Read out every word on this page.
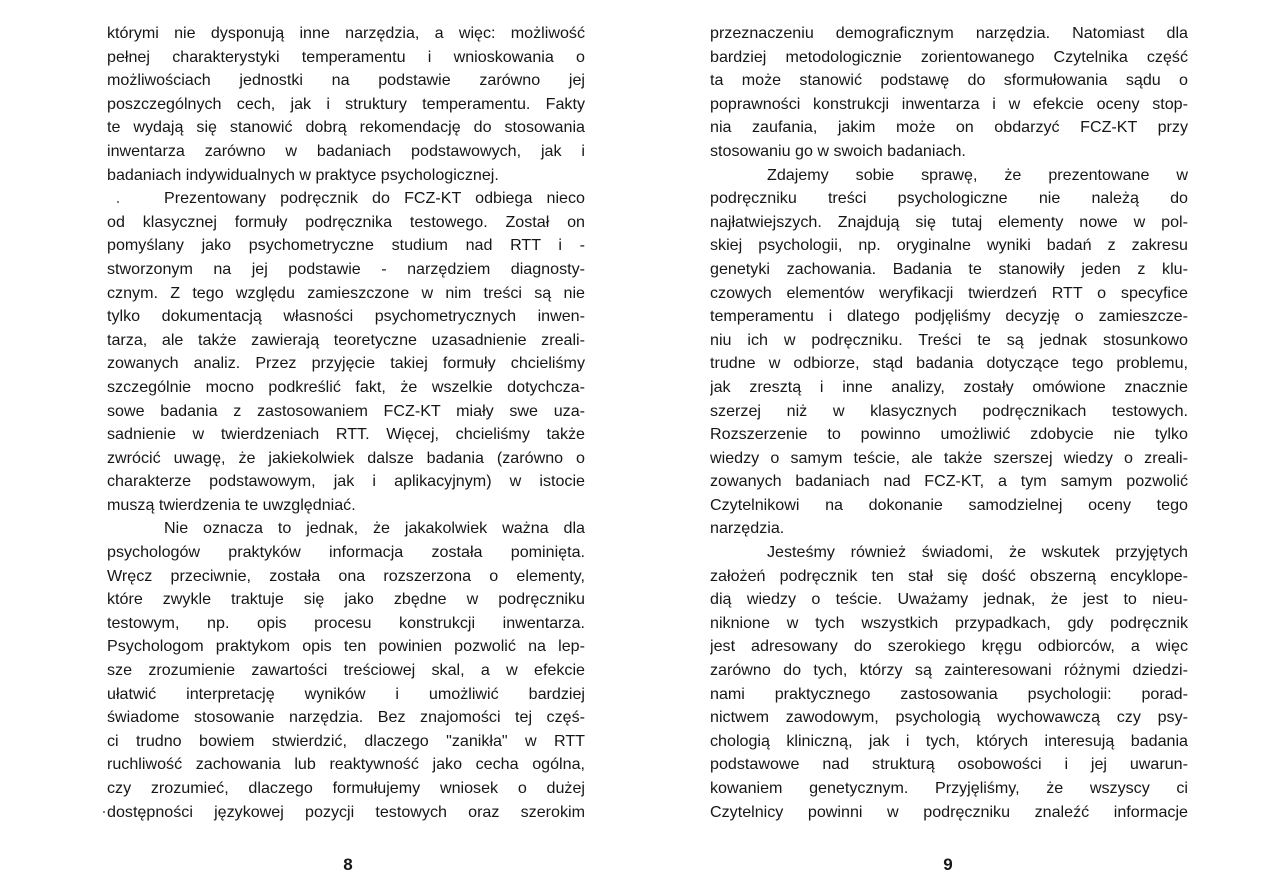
którymi nie dysponują inne narzędzia, a więc: możliwość
pełnej charakterystyki temperamentu i wnioskowania o
możliwościach jednostki na podstawie zarówno jej
poszczególnych cech, jak i struktury temperamentu. Fakty
te wydają się stanowić dobrą rekomendację do stosowania
inwentarza zarówno w badaniach podstawowych, jak i
badaniach indywidualnych w praktyce psychologicznej.
Prezentowany podręcznik do FCZ-KT odbiega nieco
od klasycznej formuły podręcznika testowego. Został on
pomyślany jako psychometryczne studium nad RTT i -
stworzonym na jej podstawie - narzędziem diagnosty-
cznym. Z tego względu zamieszczone w nim treści są nie
tylko dokumentacją własności psychometrycznych inwen-
tarza, ale także zawierają teoretyczne uzasadnienie zreali-
zowanych analiz. Przez przyjęcie takiej formuły chcieliśmy
szczególnie mocno podkreślić fakt, że wszelkie dotychcza-
sowe badania z zastosowaniem FCZ-KT miały swe uza-
sadnienie w twierdzeniach RTT. Więcej, chcieliśmy także
zwrócić uwagę, że jakiekolwiek dalsze badania (zarówno o
charakterze podstawowym, jak i aplikacyjnym) w istocie
muszą twierdzenia te uwzględniać.
Nie oznacza to jednak, że jakakolwiek ważna dla
psychologów praktyków informacja została pominięta.
Wręcz przeciwnie, została ona rozszerzona o elementy,
które zwykle traktuje się jako zbędne w podręczniku
testowym, np. opis procesu konstrukcji inwentarza.
Psychologom praktykom opis ten powinien pozwolić na lep-
sze zrozumienie zawartości treściowej skal, a w efekcie
ułatwić interpretację wyników i umożliwić bardziej
świadome stosowanie narzędzia. Bez znajomości tej częś-
ci trudno bowiem stwierdzić, dlaczego "zanikła" w RTT
ruchliwość zachowania lub reaktywność jako cecha ogólna,
czy zrozumieć, dlaczego formułujemy wniosek o dużej
dostępności językowej pozycji testowych oraz szerokim
przeznaczeniu demograficznym narzędzia. Natomiast dla
bardziej metodologicznie zorientowanego Czytelnika część
ta może stanowić podstawę do sformułowania sądu o
poprawności konstrukcji inwentarza i w efekcie oceny stop-
nia zaufania, jakim może on obdarzyć FCZ-KT przy
stosowaniu go w swoich badaniach.
Zdajemy sobie sprawę, że prezentowane w
podręczniku treści psychologiczne nie należą do
najłatwiejszych. Znajdują się tutaj elementy nowe w pol-
skiej psychologii, np. oryginalne wyniki badań z zakresu
genetyki zachowania. Badania te stanowiły jeden z klu-
czowych elementów weryfikacji twierdzeń RTT o specyfice
temperamentu i dlatego podjęliśmy decyzję o zamieszcze-
niu ich w podręczniku. Treści te są jednak stosunkowo
trudne w odbiorze, stąd badania dotyczące tego problemu,
jak zresztą i inne analizy, zostały omówione znacznie
szerzej niż w klasycznych podręcznikach testowych.
Rozszerzenie to powinno umożliwić zdobycie nie tylko
wiedzy o samym teście, ale także szerszej wiedzy o zreali-
zowanych badaniach nad FCZ-KT, a tym samym pozwolić
Czytelnikowi na dokonanie samodzielnej oceny tego
narzędzia.
Jesteśmy również świadomi, że wskutek przyjętych
założeń podręcznik ten stał się dość obszerną encyklope-
dią wiedzy o teście. Uważamy jednak, że jest to nieu-
niknione w tych wszystkich przypadkach, gdy podręcznik
jest adresowany do szerokiego kręgu odbiorców, a więc
zarówno do tych, którzy są zainteresowani różnymi dziedzi-
nami praktycznego zastosowania psychologii: porad-
nictwem zawodowym, psychologią wychowawczą czy psy-
chologią kliniczną, jak i tych, których interesują badania
podstawowe nad strukturą osobowości i jej uwarun-
kowaniem genetycznym. Przyjęliśmy, że wszyscy ci
Czytelnicy powinni w podręczniku znaleźć informacje
8	9
